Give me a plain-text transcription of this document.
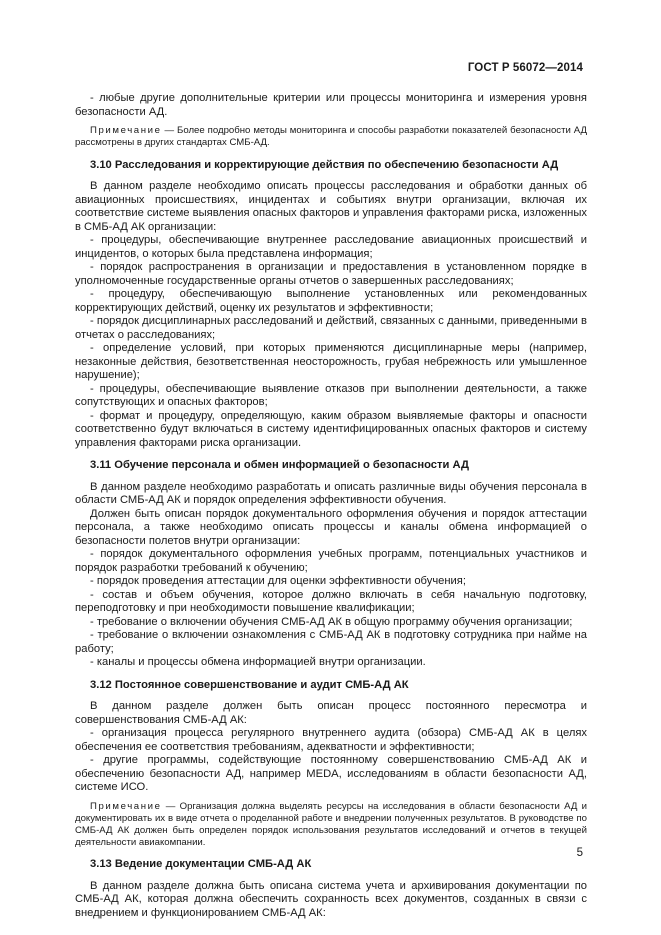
ГОСТ Р 56072—2014

- любые другие дополнительные критерии или процессы мониторинга и измерения уровня безопасности АД.

Примечание — Более подробно методы мониторинга и способы разработки показателей безопасности АД рассмотрены в других стандартах СМБ-АД.

3.10 Расследования и корректирующие действия по обеспечению безопасности АД

В данном разделе необходимо описать процессы расследования и обработки данных об авиационных происшествиях, инцидентах и событиях внутри организации, включая их соответствие системе выявления опасных факторов и управления факторами риска, изложенных в СМБ-АД АК организации:

- процедуры, обеспечивающие внутреннее расследование авиационных происшествий и инцидентов, о которых была представлена информация;

- порядок распространения в организации и предоставления в установленном порядке в уполномоченные государственные органы отчетов о завершенных расследованиях;

- процедуру, обеспечивающую выполнение установленных или рекомендованных корректирующих действий, оценку их результатов и эффективности;

- порядок дисциплинарных расследований и действий, связанных с данными, приведенными в отчетах о расследованиях;

- определение условий, при которых применяются дисциплинарные меры (например, незаконные действия, безответственная неосторожность, грубая небрежность или умышленное нарушение);

- процедуры, обеспечивающие выявление отказов при выполнении деятельности, а также сопутствующих и опасных факторов;

- формат и процедуру, определяющую, каким образом выявляемые факторы и опасности соответственно будут включаться в систему идентифицированных опасных факторов и систему управления факторами риска организации.

3.11 Обучение персонала и обмен информацией о безопасности АД

В данном разделе необходимо разработать и описать различные виды обучения персонала в области СМБ-АД АК и порядок определения эффективности обучения.

Должен быть описан порядок документального оформления обучения и порядок аттестации персонала, а также необходимо описать процессы и каналы обмена информацией о безопасности полетов внутри организации:

- порядок документального оформления учебных программ, потенциальных участников и порядок разработки требований к обучению;

- порядок проведения аттестации для оценки эффективности обучения;

- состав и объем обучения, которое должно включать в себя начальную подготовку, переподготовку и при необходимости повышение квалификации;

- требование о включении обучения СМБ-АД АК в общую программу обучения организации;

- требование о включении ознакомления с СМБ-АД АК в подготовку сотрудника при найме на работу;

- каналы и процессы обмена информацией внутри организации.

3.12 Постоянное совершенствование и аудит СМБ-АД АК

В данном разделе должен быть описан процесс постоянного пересмотра и совершенствования СМБ-АД АК:

- организация процесса регулярного внутреннего аудита (обзора) СМБ-АД АК в целях обеспечения ее соответствия требованиям, адекватности и эффективности;

- другие программы, содействующие постоянному совершенствованию СМБ-АД АК и обеспечению безопасности АД, например MEDA, исследованиям в области безопасности АД, системе ИСО.

Примечание — Организация должна выделять ресурсы на исследования в области безопасности АД и документировать их в виде отчета о проделанной работе и внедрении полученных результатов. В руководстве по СМБ-АД АК должен быть определен порядок использования результатов исследований и отчетов в текущей деятельности авиакомпании.

3.13 Ведение документации СМБ-АД АК

В данном разделе должна быть описана система учета и архивирования документации по СМБ-АД АК, которая должна обеспечить сохранность всех документов, созданных в связи с внедрением и функционированием СМБ-АД АК:

5
